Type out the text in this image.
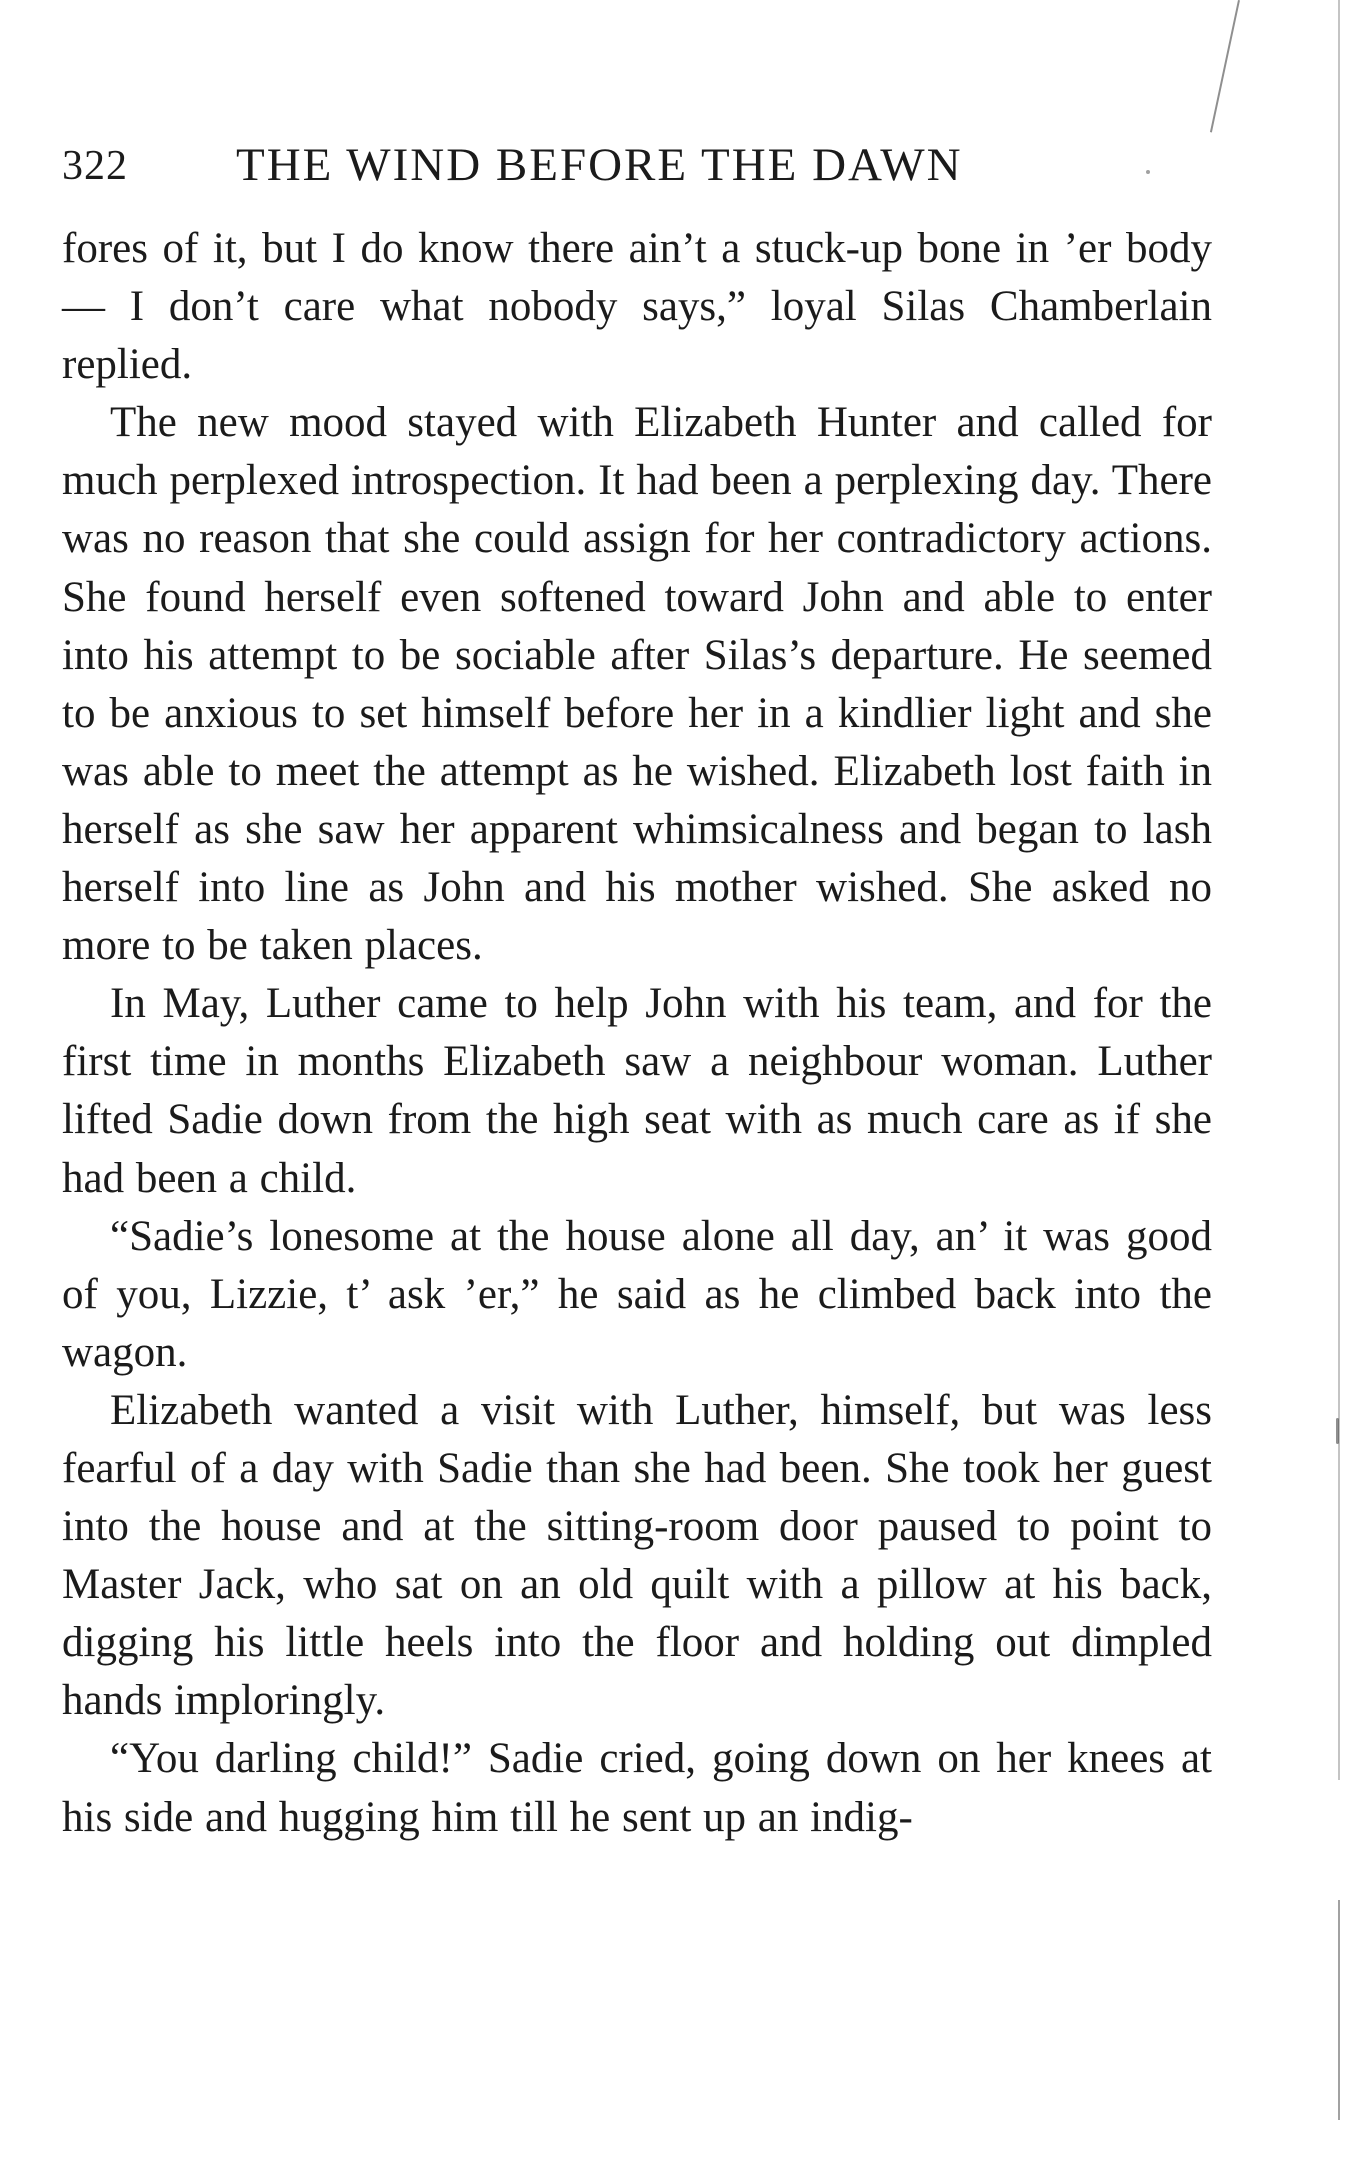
322 THE WIND BEFORE THE DAWN

fores of it, but I do know there ain’t a stuck-up bone in ’er body — I don’t care what nobody says,” loyal Silas Chamberlain replied.

The new mood stayed with Elizabeth Hunter and called for much perplexed introspection. It had been a perplexing day. There was no reason that she could assign for her contradictory actions. She found herself even softened toward John and able to enter into his attempt to be sociable after Silas’s departure. He seemed to be anxious to set himself before her in a kindlier light and she was able to meet the attempt as he wished. Elizabeth lost faith in herself as she saw her apparent whimsicalness and began to lash herself into line as John and his mother wished. She asked no more to be taken places.

In May, Luther came to help John with his team, and for the first time in months Elizabeth saw a neighbour woman. Luther lifted Sadie down from the high seat with as much care as if she had been a child.

“Sadie’s lonesome at the house alone all day, an’ it was good of you, Lizzie, t’ ask ’er,” he said as he climbed back into the wagon.

Elizabeth wanted a visit with Luther, himself, but was less fearful of a day with Sadie than she had been. She took her guest into the house and at the sitting-room door paused to point to Master Jack, who sat on an old quilt with a pillow at his back, digging his little heels into the floor and holding out dimpled hands imploringly.

“You darling child!” Sadie cried, going down on her knees at his side and hugging him till he sent up an indig-
